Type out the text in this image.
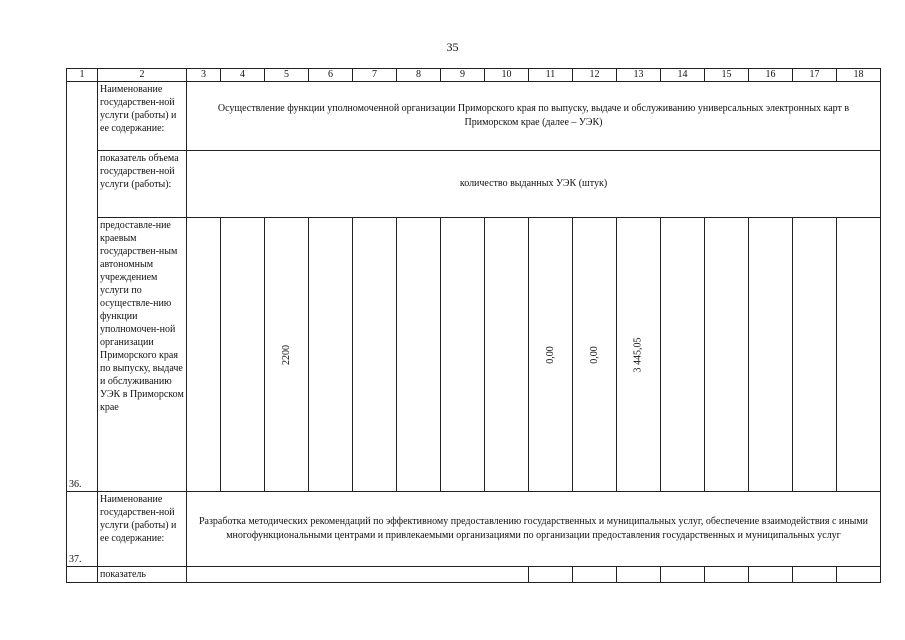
35
1	2	3	4	5	6	7	8	9	10	11	12	13	14	15	16	17	18
36.	Наименование государствен-ной услуги (работы) и ее содержание:	Осуществление функции уполномоченной организации Приморского края по выпуску, выдаче и обслуживанию универсальных электронных карт в Приморском крае (далее – УЭК)															
	показатель объема государствен-ной услуги (работы):	количество выданных УЭК (штук)															
	предоставле-ние краевым государствен-ным автономным учреждением услуги по осуществле-нию функции уполномочен-ной организации Приморского края по выпуску, выдаче и обслуживанию УЭК в Приморском крае			2200						0,00	0,00	3 445,05					
37.	Наименование государствен-ной услуги (работы) и ее содержание:	Разработка методических рекомендаций по эффективному предоставлению государственных и муниципальных услуг, обеспечение взаимодействия с иными многофункциональными центрами и привлекаемыми организациями по организации предоставления государственных и муниципальных услуг															
	показатель																
